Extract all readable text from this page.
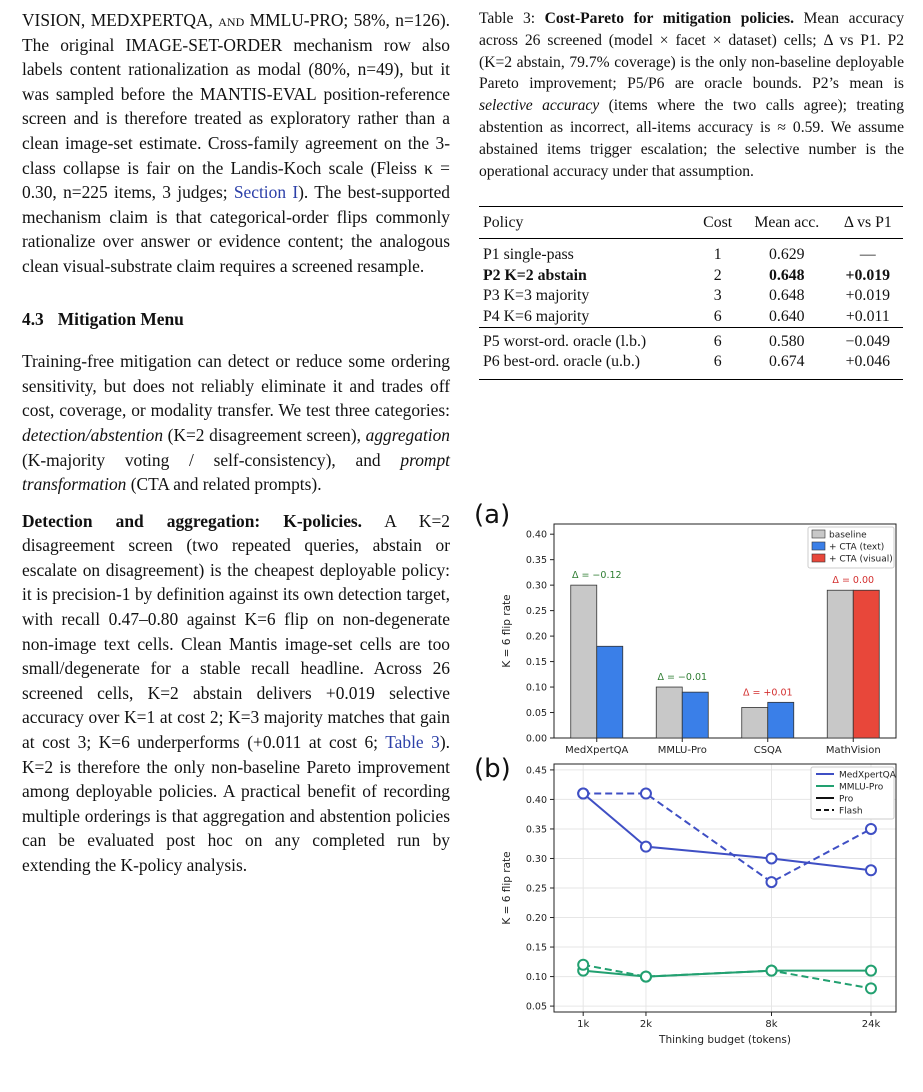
VISION, MEDXPERTQA, and MMLU-PRO; 58%, n=126). The original IMAGE-SET-ORDER mechanism row also labels content rationalization as modal (80%, n=49), but it was sampled before the MANTIS-EVAL position-reference screen and is therefore treated as exploratory rather than a clean image-set estimate. Cross-family agreement on the 3-class collapse is fair on the Landis-Koch scale (Fleiss κ = 0.30, n=225 items, 3 judges; Section I). The best-supported mechanism claim is that categorical-order flips commonly rationalize over answer or evidence content; the analogous clean visual-substrate claim requires a screened resample.

4.3 Mitigation Menu

Training-free mitigation can detect or reduce some ordering sensitivity, but does not reliably eliminate it and trades off cost, coverage, or modality transfer. We test three categories: detection/abstention (K=2 disagreement screen), aggregation (K-majority voting / self-consistency), and prompt transformation (CTA and related prompts).

Detection and aggregation: K-policies. A K=2 disagreement screen (two repeated queries, abstain or escalate on disagreement) is the cheapest deployable policy: it is precision-1 by definition against its own detection target, with recall 0.47–0.80 against K=6 flip on non-degenerate non-image text cells. Clean Mantis image-set cells are too small/degenerate for a stable recall headline. Across 26 screened cells, K=2 abstain delivers +0.019 selective accuracy over K=1 at cost 2; K=3 majority matches that gain at cost 3; K=6 underperforms (+0.011 at cost 6; Table 3). K=2 is therefore the only non-baseline Pareto improvement among deployable policies. A practical benefit of recording multiple orderings is that aggregation and abstention policies can be evaluated post hoc on any completed run by extending the K-policy analysis.

Table 3: Cost-Pareto for mitigation policies. Mean accuracy across 26 screened (model × facet × dataset) cells; Δ vs P1. P2 (K=2 abstain, 79.7% coverage) is the only non-baseline deployable Pareto improvement; P5/P6 are oracle bounds. P2’s mean is selective accuracy (items where the two calls agree); treating abstention as incorrect, all-items accuracy is ≈ 0.59. We assume abstained items trigger escalation; the selective number is the operational accuracy under that assumption.

Policy	Cost	Mean acc.	Δ vs P1
P1 single-pass	1	0.629	—
P2 K=2 abstain	2	0.648	+0.019
P3 K=3 majority	3	0.648	+0.019
P4 K=6 majority	6	0.640	+0.011
P5 worst-ord. oracle (l.b.)	6	0.580	−0.049
P6 best-ord. oracle (u.b.)	6	0.674	+0.046
(a)
(b)
0.00
0.05
0.10
0.15
0.20
0.25
0.30
0.35
0.40
K = 6 flip rate
MedXpertQA
Δ = −0.12
MMLU-Pro
Δ = −0.01
CSQA
Δ = +0.01
MathVision
Δ = 0.00
baseline
+ CTA (text)
+ CTA (visual)
0.05
0.10
0.15
0.20
0.25
0.30
0.35
0.40
0.45
1k	2k	8k	24k
Thinking budget (tokens)
K = 6 flip rate
MedXpertQA
MMLU-Pro
Pro
Flash
